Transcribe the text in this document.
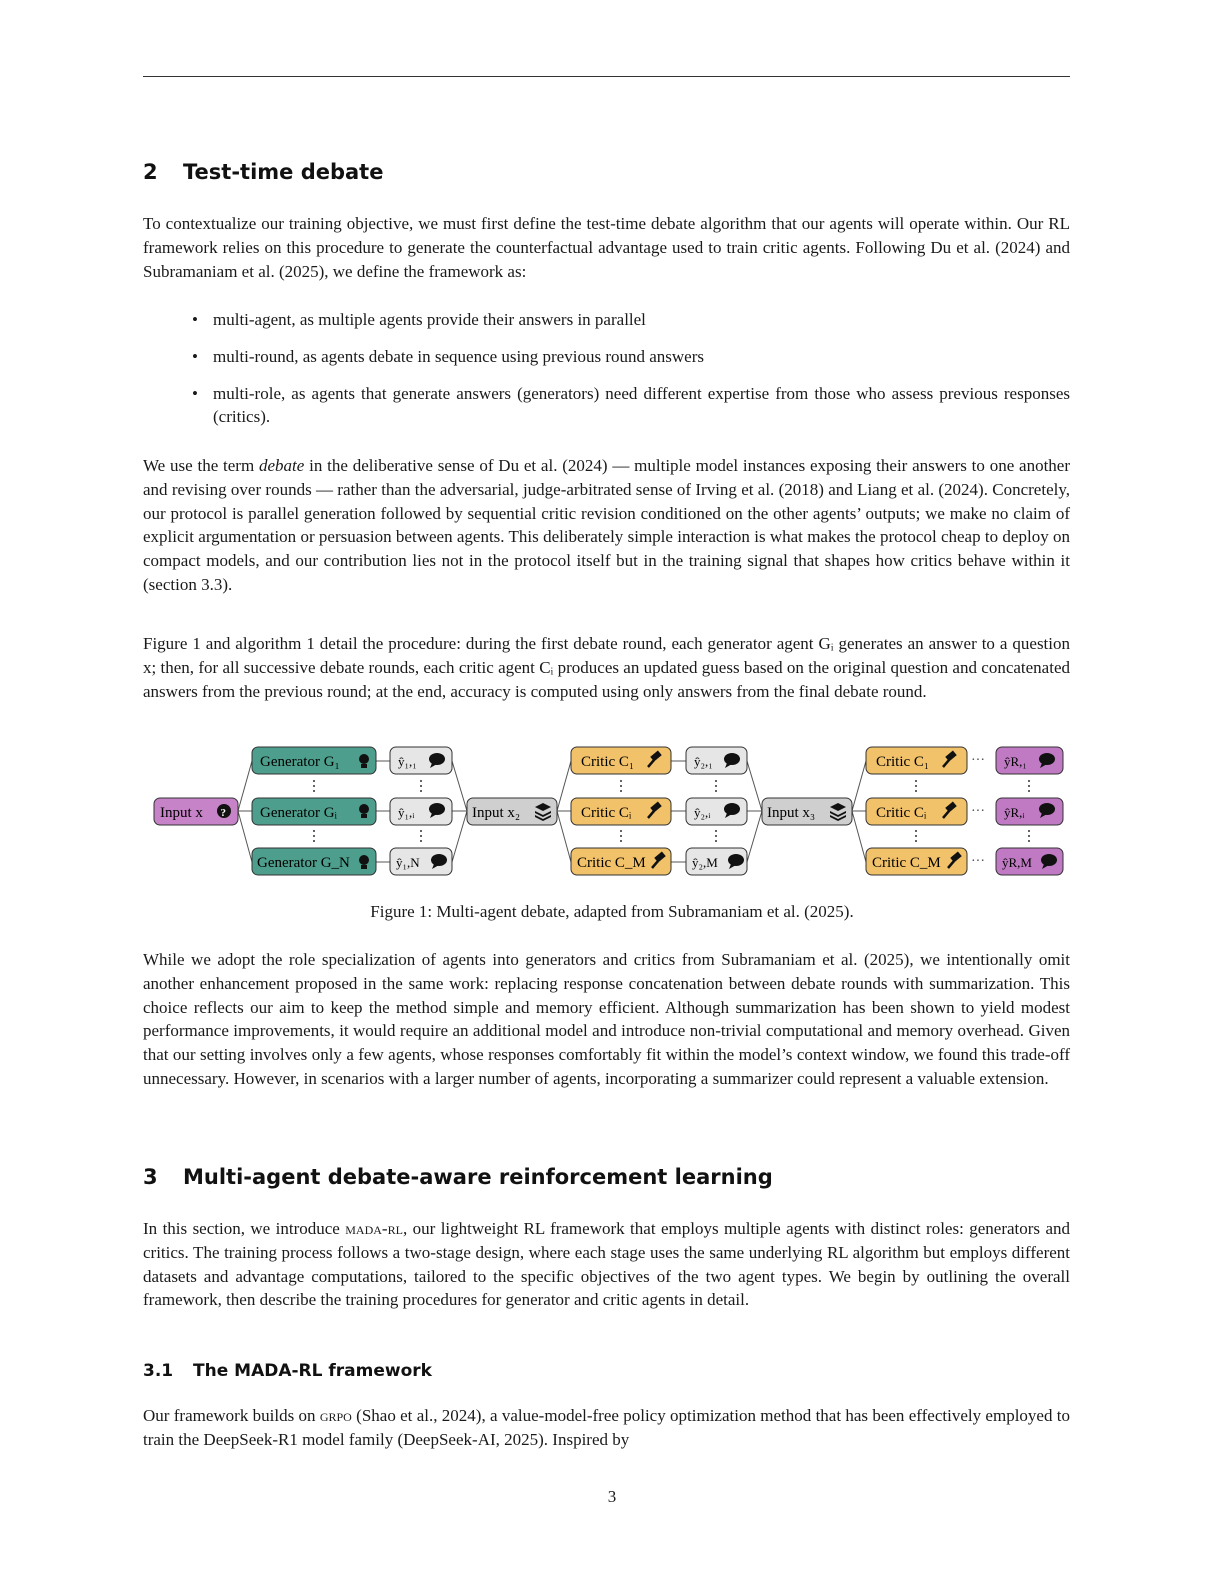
2 Test-time debate

To contextualize our training objective, we must first define the test-time debate algorithm that our agents will operate within. Our RL framework relies on this procedure to generate the counterfactual advantage used to train critic agents. Following Du et al. (2024) and Subramaniam et al. (2025), we define the framework as:

• multi-agent, as multiple agents provide their answers in parallel
• multi-round, as agents debate in sequence using previous round answers
• multi-role, as agents that generate answers (generators) need different expertise from those who assess previous responses (critics).

We use the term debate in the deliberative sense of Du et al. (2024) — multiple model instances exposing their answers to one another and revising over rounds — rather than the adversarial, judge-arbitrated sense of Irving et al. (2018) and Liang et al. (2024). Concretely, our protocol is parallel generation followed by sequential critic revision conditioned on the other agents’ outputs; we make no claim of explicit argumentation or persuasion between agents. This deliberately simple interaction is what makes the protocol cheap to deploy on compact models, and our contribution lies not in the protocol itself but in the training signal that shapes how critics behave within it (section 3.3).

Figure 1 and algorithm 1 detail the procedure: during the first debate round, each generator agent Gᵢ generates an answer to a question x; then, for all successive debate rounds, each critic agent Cᵢ produces an updated guess based on the original question and concatenated answers from the previous round; at the end, accuracy is computed using only answers from the final debate round.

Input x ?
Generator G₁
Generator Gᵢ
Generator G_N
ŷ₁,₁
ŷ₁,ᵢ
ŷ₁,N
Input x₂
Critic C₁
Critic Cᵢ
Critic C_M
ŷ₂,₁
ŷ₂,ᵢ
ŷ₂,M
Input x₃
Critic C₁
Critic Cᵢ
Critic C_M
···
···
···
ŷR,₁
ŷR,ᵢ
ŷR,M
Figure 1: Multi-agent debate, adapted from Subramaniam et al. (2025).

While we adopt the role specialization of agents into generators and critics from Subramaniam et al. (2025), we intentionally omit another enhancement proposed in the same work: replacing response concatenation between debate rounds with summarization. This choice reflects our aim to keep the method simple and memory efficient. Although summarization has been shown to yield modest performance improvements, it would require an additional model and introduce non-trivial computational and memory overhead. Given that our setting involves only a few agents, whose responses comfortably fit within the model’s context window, we found this trade-off unnecessary. However, in scenarios with a larger number of agents, incorporating a summarizer could represent a valuable extension.

3 Multi-agent debate-aware reinforcement learning

In this section, we introduce mada-rl, our lightweight RL framework that employs multiple agents with distinct roles: generators and critics. The training process follows a two-stage design, where each stage uses the same underlying RL algorithm but employs different datasets and advantage computations, tailored to the specific objectives of the two agent types. We begin by outlining the overall framework, then describe the training procedures for generator and critic agents in detail.

3.1 The MADA-RL framework

Our framework builds on grpo (Shao et al., 2024), a value-model-free policy optimization method that has been effectively employed to train the DeepSeek-R1 model family (DeepSeek-AI, 2025). Inspired by

3
